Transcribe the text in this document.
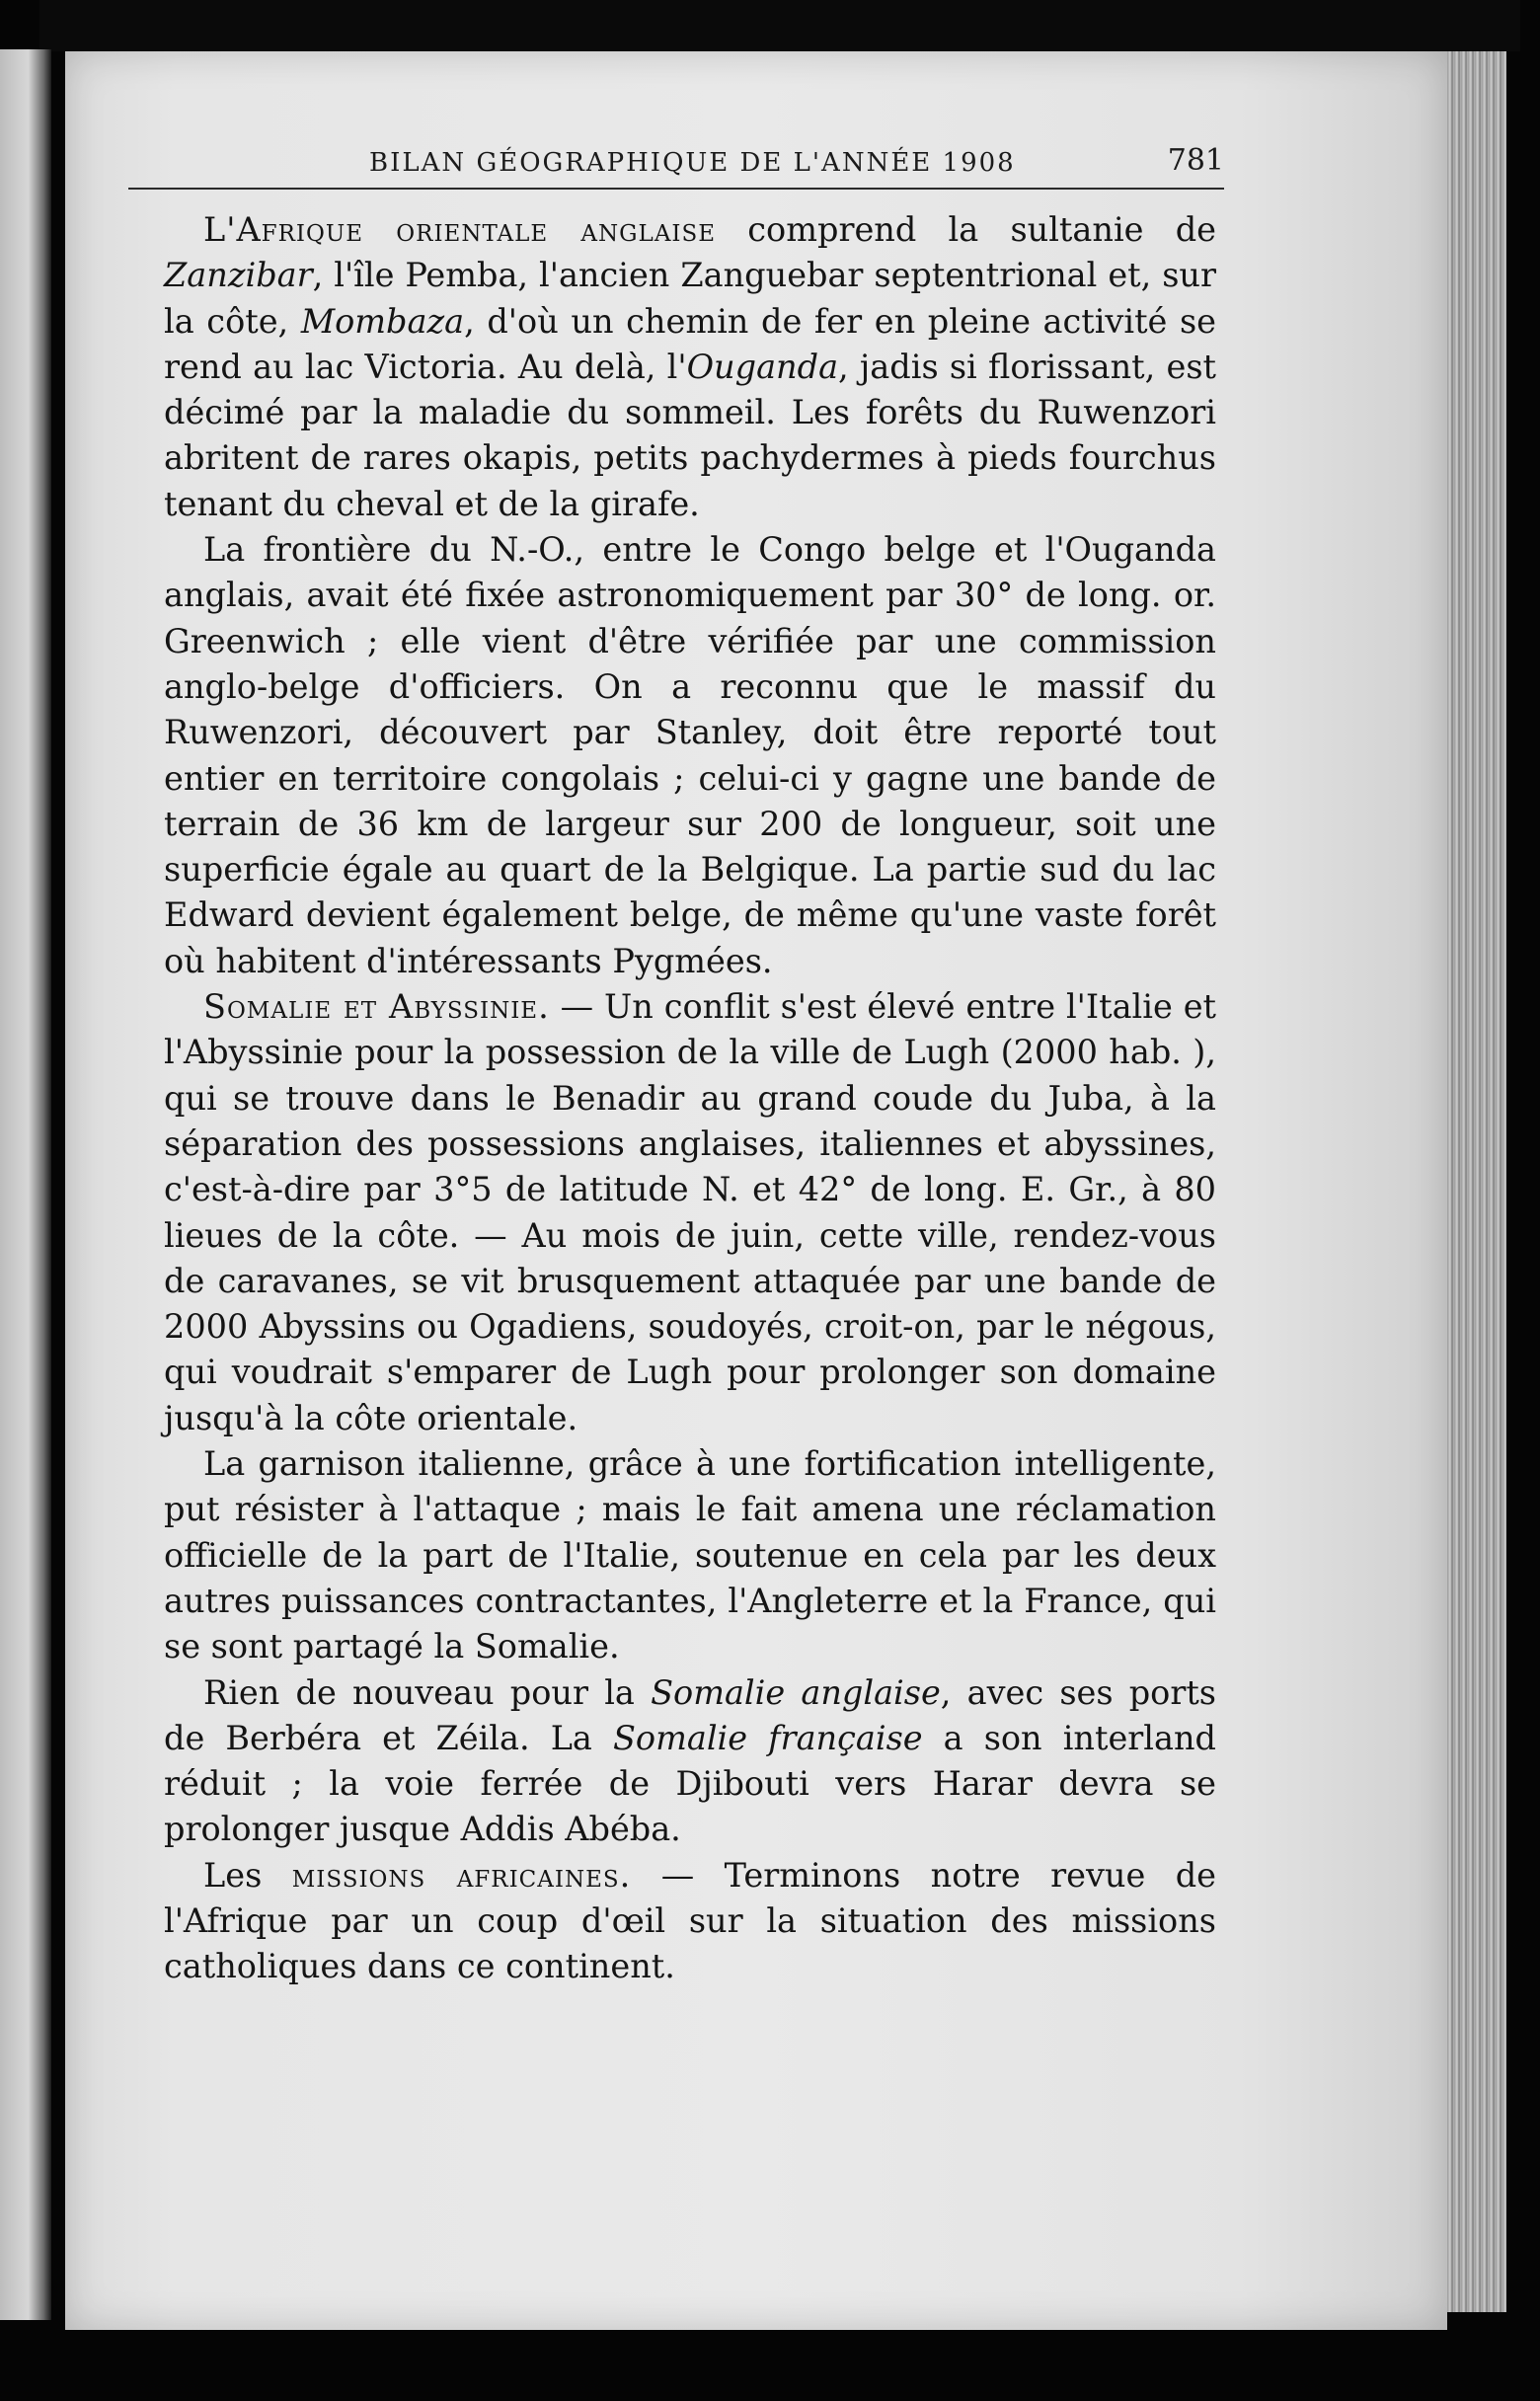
BILAN GÉOGRAPHIQUE DE L'ANNÉE 1908	781

L'Afrique orientale anglaise comprend la sultanie de Zanzibar, l'île Pemba, l'ancien Zanguebar septentrional et, sur la côte, Mombaza, d'où un chemin de fer en pleine activité se rend au lac Victoria. Au delà, l'Ouganda, jadis si florissant, est décimé par la maladie du sommeil. Les forêts du Ruwenzori abritent de rares okapis, petits pachydermes à pieds fourchus tenant du cheval et de la girafe.

La frontière du N.-O., entre le Congo belge et l'Ouganda anglais, avait été fixée astronomiquement par 30° de long. or. Greenwich ; elle vient d'être vérifiée par une commission anglo-belge d'officiers. On a reconnu que le massif du Ruwenzori, découvert par Stanley, doit être reporté tout entier en territoire congolais ; celui-ci y gagne une bande de terrain de 36 km de largeur sur 200 de longueur, soit une superficie égale au quart de la Belgique. La partie sud du lac Edward devient également belge, de même qu'une vaste forêt où habitent d'intéressants Pygmées.

Somalie et Abyssinie. — Un conflit s'est élevé entre l'Italie et l'Abyssinie pour la possession de la ville de Lugh (2000 hab. ), qui se trouve dans le Benadir au grand coude du Juba, à la séparation des possessions anglaises, italiennes et abyssines, c'est-à-dire par 3°5 de latitude N. et 42° de long. E. Gr., à 80 lieues de la côte. — Au mois de juin, cette ville, rendez-vous de caravanes, se vit brusquement attaquée par une bande de 2000 Abyssins ou Ogadiens, soudoyés, croit-on, par le négous, qui voudrait s'emparer de Lugh pour prolonger son domaine jusqu'à la côte orientale.

La garnison italienne, grâce à une fortification intelligente, put résister à l'attaque ; mais le fait amena une réclamation officielle de la part de l'Italie, soutenue en cela par les deux autres puissances contractantes, l'Angleterre et la France, qui se sont partagé la Somalie.

Rien de nouveau pour la Somalie anglaise, avec ses ports de Berbéra et Zéila. La Somalie française a son interland réduit ; la voie ferrée de Djibouti vers Harar devra se prolonger jusque Addis Abéba.

Les missions africaines. — Terminons notre revue de l'Afrique par un coup d'œil sur la situation des missions catholiques dans ce continent.
